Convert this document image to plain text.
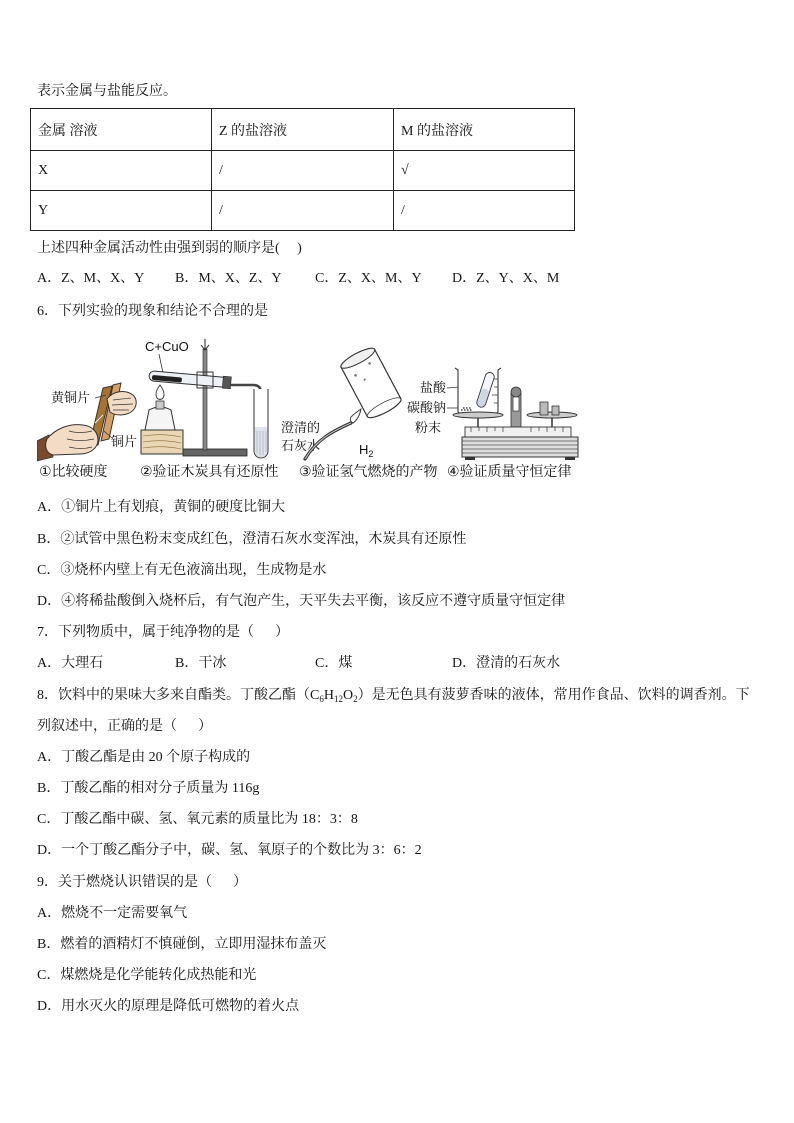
表示金属与盐能反应。
金属 溶液	Z 的盐溶液	M 的盐溶液
X	/	√
Y	/	/
上述四种金属活动性由强到弱的顺序是(     )
A．Z、M、X、Y B．M、X、Z、Y C．Z、X、M、Y D．Z、Y、X、M
6．下列实验的现象和结论不合理的是
黄铜片
铜片
①比较硬度
C+CuO
澄清的
石灰水
②验证木炭具有还原性
$H_2$
③验证氢气燃烧的产物
盐酸
碳酸钠
粉末
④验证质量守恒定律
A．①铜片上有划痕，黄铜的硬度比铜大
B．②试管中黑色粉末变成红色，澄清石灰水变浑浊，木炭具有还原性
C．③烧杯内壁上有无色液滴出现，生成物是水
D．④将稀盐酸倒入烧杯后，有气泡产生，天平失去平衡，该反应不遵守质量守恒定律
7．下列物质中，属于纯净物的是（      ）
A．大理石	B．干冰	C．煤	D．澄清的石灰水
8．饮料中的果味大多来自酯类。丁酸乙酯$(C_6H_{12}O_2)$是无色具有菠萝香味的液体，常用作食品、饮料的调香剂。下
列叙述中，正确的是（      ）
A．丁酸乙酯是由 20 个原子构成的
B．丁酸乙酯的相对分子质量为 116g
C．丁酸乙酯中碳、氢、氧元素的质量比为 18：3：8
D．一个丁酸乙酯分子中，碳、氢、氧原子的个数比为 3：6：2
9．关于燃烧认识错误的是（      ）
A．燃烧不一定需要氧气
B．燃着的酒精灯不慎碰倒，立即用湿抹布盖灭
C．煤燃烧是化学能转化成热能和光
D．用水灭火的原理是降低可燃物的着火点
